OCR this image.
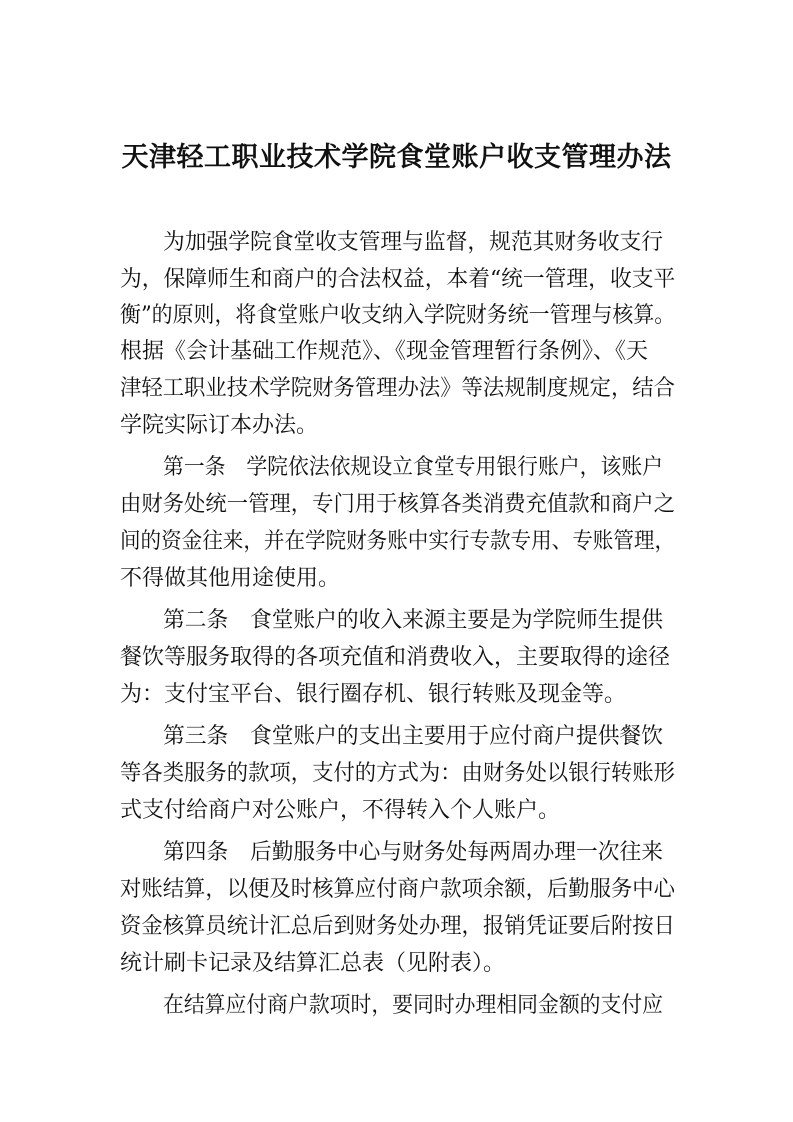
天津轻工职业技术学院食堂账户收支管理办法
为加强学院食堂收支管理与监督，规范其财务收支行
为，保障师生和商户的合法权益，本着“统一管理，收支平
衡”的原则，将食堂账户收支纳入学院财务统一管理与核算。
根据《会计基础工作规范》、《现金管理暂行条例》、《天
津轻工职业技术学院财务管理办法》等法规制度规定，结合
学院实际订本办法。
第一条　学院依法依规设立食堂专用银行账户，该账户
由财务处统一管理，专门用于核算各类消费充值款和商户之
间的资金往来，并在学院财务账中实行专款专用、专账管理，
不得做其他用途使用。
第二条　食堂账户的收入来源主要是为学院师生提供
餐饮等服务取得的各项充值和消费收入，主要取得的途径
为：支付宝平台、银行圈存机、银行转账及现金等。
第三条　食堂账户的支出主要用于应付商户提供餐饮
等各类服务的款项，支付的方式为：由财务处以银行转账形
式支付给商户对公账户，不得转入个人账户。
第四条　后勤服务中心与财务处每两周办理一次往来
对账结算，以便及时核算应付商户款项余额，后勤服务中心
资金核算员统计汇总后到财务处办理，报销凭证要后附按日
统计刷卡记录及结算汇总表（见附表）。
在结算应付商户款项时，要同时办理相同金额的支付应
